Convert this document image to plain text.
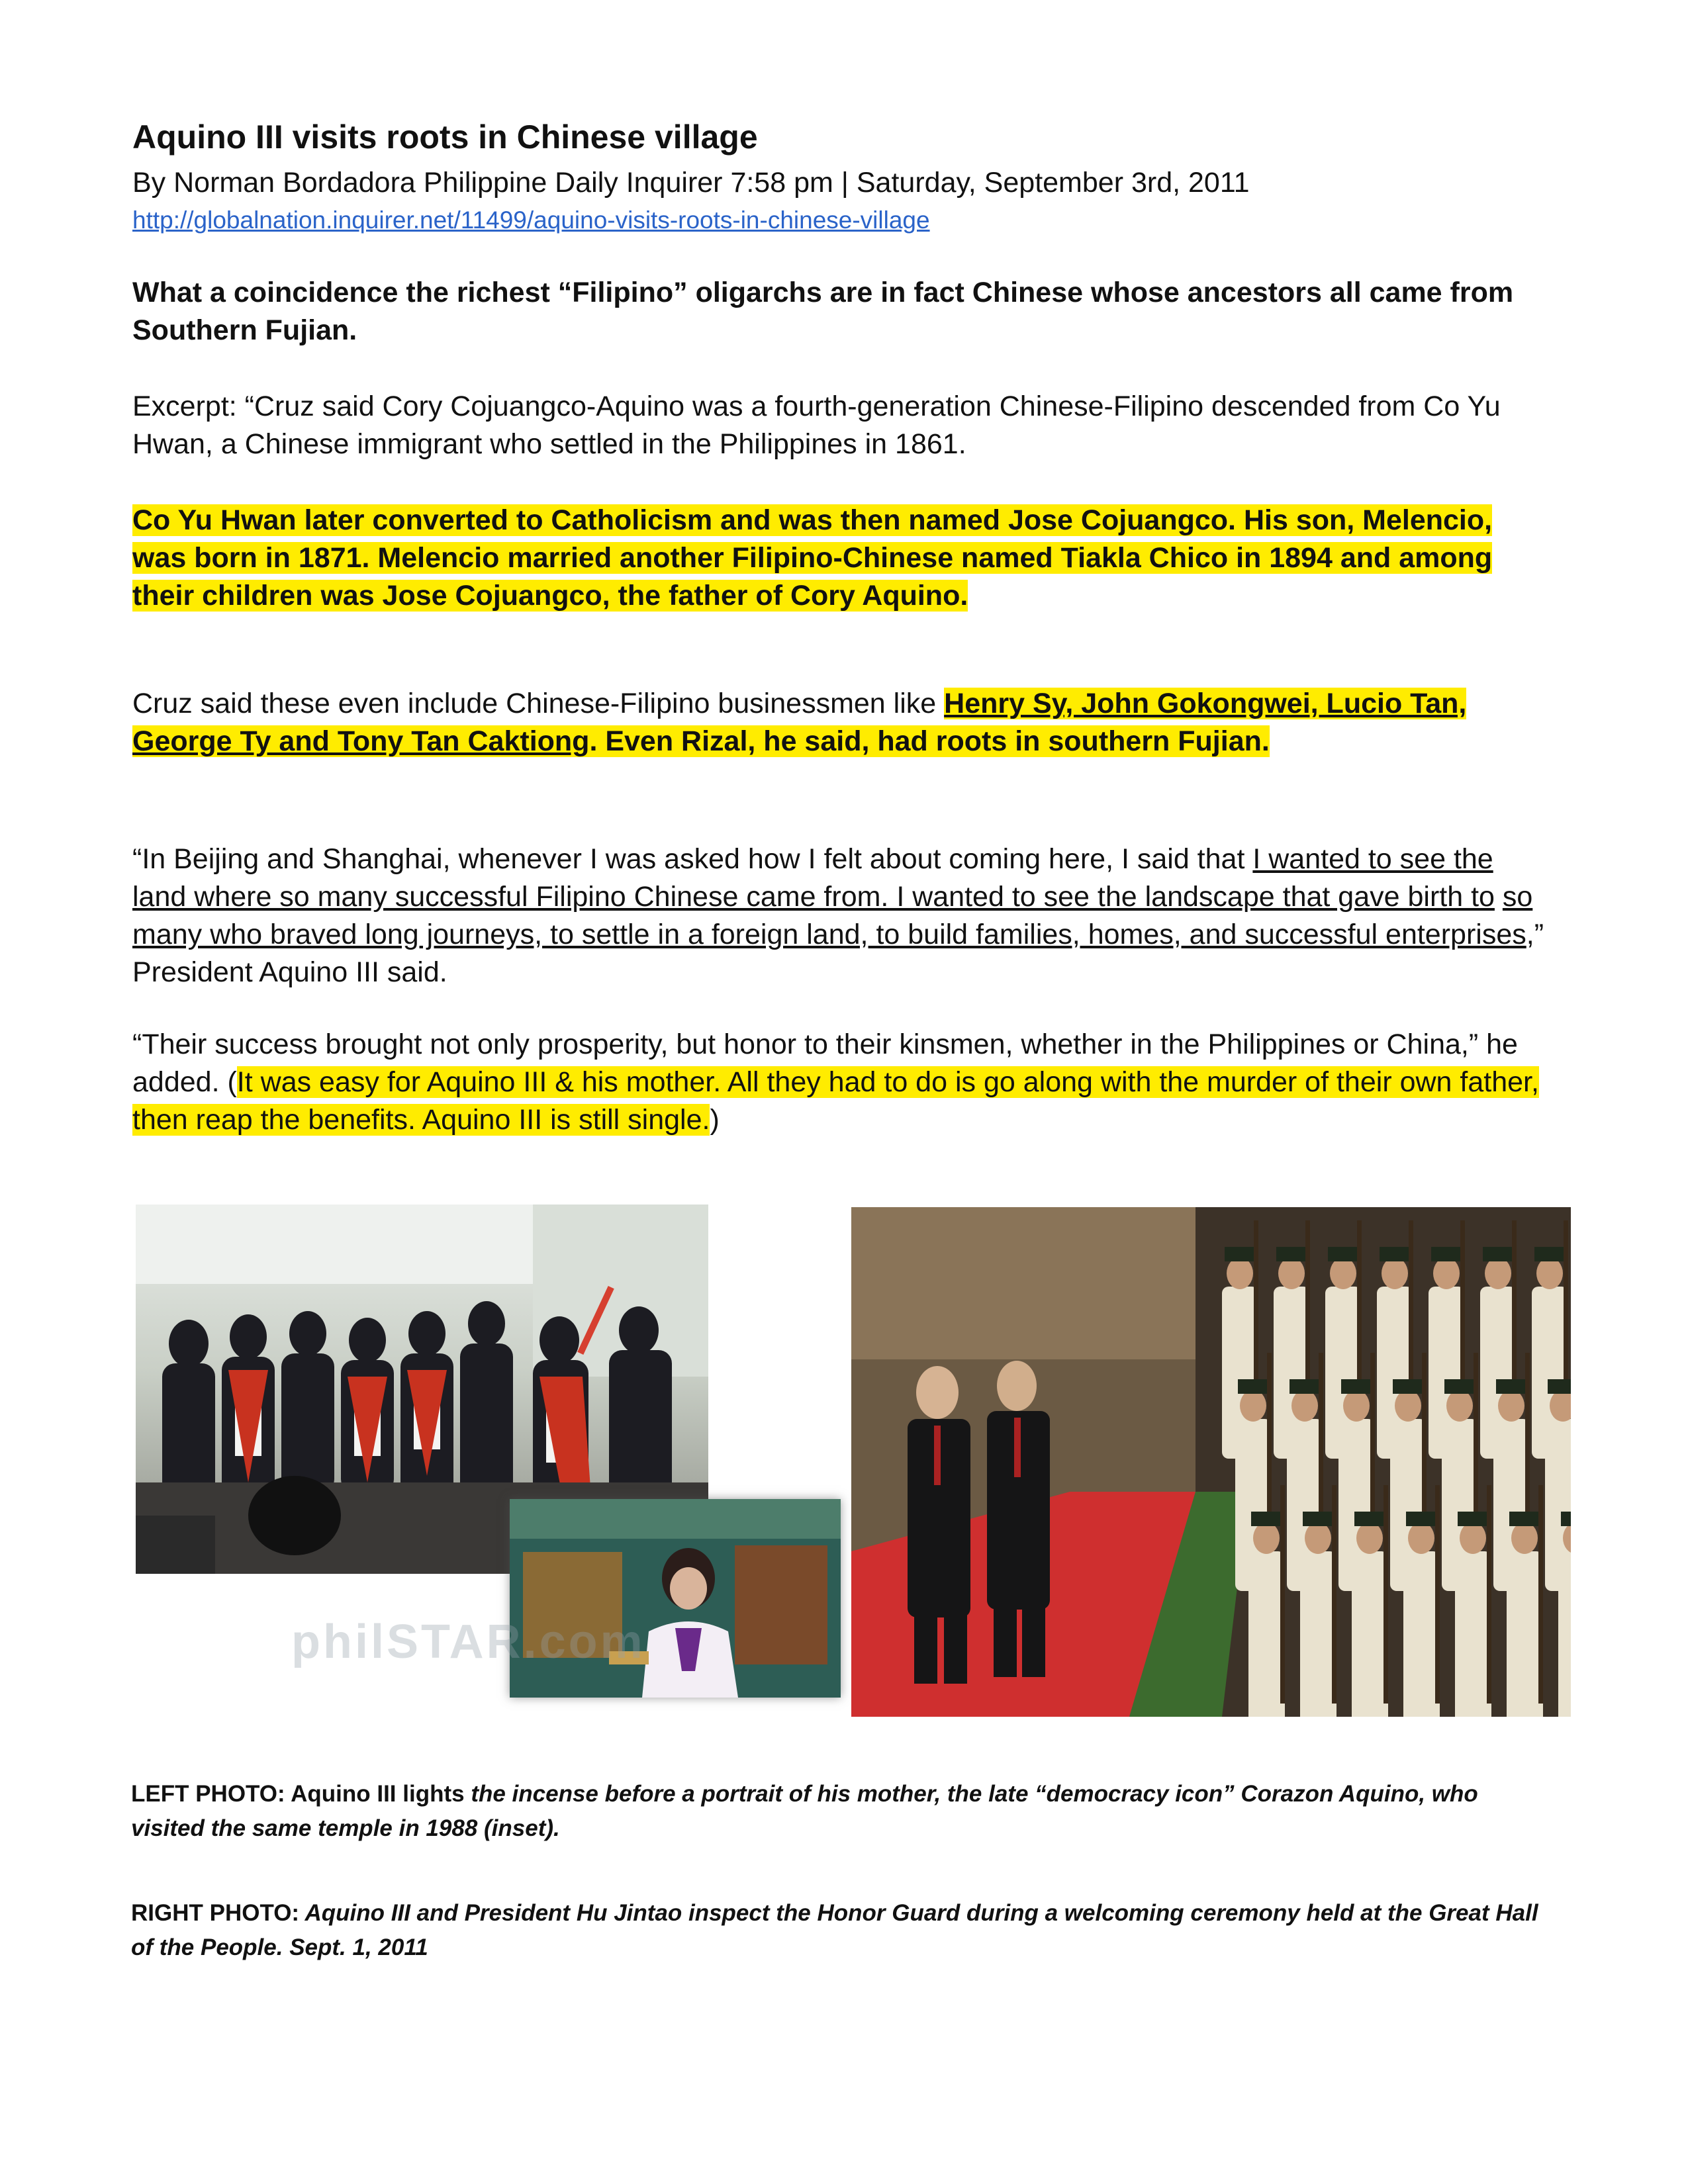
Aquino III visits roots in Chinese village
By Norman Bordadora Philippine Daily Inquirer 7:58 pm | Saturday, September 3rd, 2011
http://globalnation.inquirer.net/11499/aquino-visits-roots-in-chinese-village

What a coincidence the richest “Filipino” oligarchs are in fact Chinese whose ancestors all came from Southern Fujian.

Excerpt: “Cruz said Cory Cojuangco-Aquino was a fourth-generation Chinese-Filipino descended from Co Yu Hwan, a Chinese immigrant who settled in the Philippines in 1861.

Co Yu Hwan later converted to Catholicism and was then named Jose Cojuangco. His son, Melencio, was born in 1871. Melencio married another Filipino-Chinese named Tiakla Chico in 1894 and among their children was Jose Cojuangco, the father of Cory Aquino.

Cruz said these even include Chinese-Filipino businessmen like Henry Sy, John Gokongwei, Lucio Tan, George Ty and Tony Tan Caktiong. Even Rizal, he said, had roots in southern Fujian.

“In Beijing and Shanghai, whenever I was asked how I felt about coming here, I said that I wanted to see the land where so many successful Filipino Chinese came from. I wanted to see the landscape that gave birth to so many who braved long journeys, to settle in a foreign land, to build families, homes, and successful enterprises,” President Aquino III said.

“Their success brought not only prosperity, but honor to their kinsmen, whether in the Philippines or China,” he added. (It was easy for Aquino III & his mother. All they had to do is go along with the murder of their own father, then reap the benefits. Aquino III is still single.)

philSTAR.com

LEFT PHOTO: Aquino III lights the incense before a portrait of his mother, the late “democracy icon” Corazon Aquino, who visited the same temple in 1988 (inset).

RIGHT PHOTO: Aquino III and President Hu Jintao inspect the Honor Guard during a welcoming ceremony held at the Great Hall of the People. Sept. 1, 2011
